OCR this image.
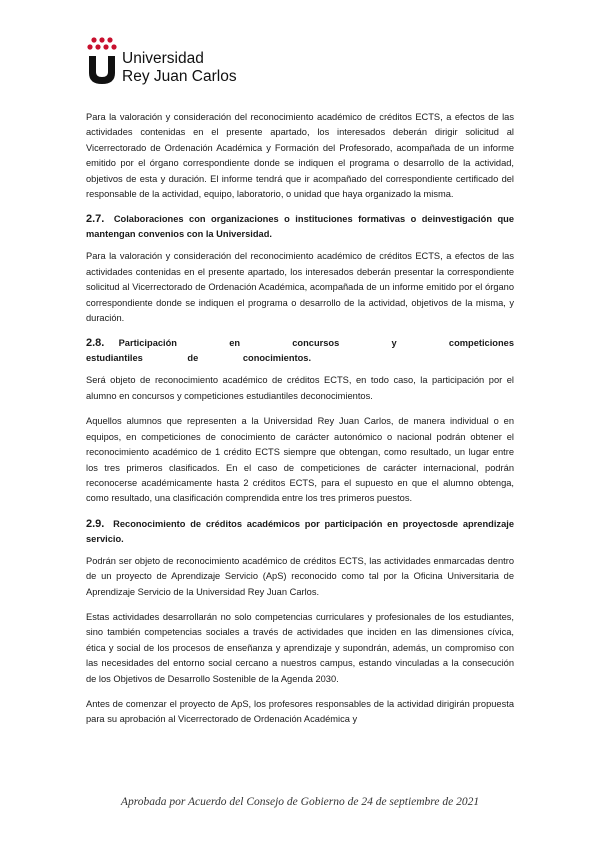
Universidad
Rey Juan Carlos

Para la valoración y consideración del reconocimiento académico de créditos ECTS, a efectos de las actividades contenidas en el presente apartado, los interesados deberán dirigir solicitud al Vicerrectorado de Ordenación Académica y Formación del Profesorado, acompañada de un informe emitido por el órgano correspondiente donde se indiquen el programa o desarrollo de la actividad, objetivos de esta y duración. El informe tendrá que ir acompañado del correspondiente certificado del responsable de la actividad, equipo, laboratorio, o unidad que haya organizado la misma.

2.7. Colaboraciones con organizaciones o instituciones formativas o deinvestigación que mantengan convenios con la Universidad.

Para la valoración y consideración del reconocimiento académico de créditos ECTS, a efectos de las actividades contenidas en el presente apartado, los interesados deberán presentar la correspondiente solicitud al Vicerrectorado de Ordenación Académica, acompañada de un informe emitido por el órgano correspondiente donde se indiquen el programa o desarrollo de la actividad, objetivos de la misma, y duración.

2.8. Participación en concursos y competiciones estudiantiles de conocimientos.

Será objeto de reconocimiento académico de créditos ECTS, en todo caso, la participación por el alumno en concursos y competiciones estudiantiles deconocimientos.

Aquellos alumnos que representen a la Universidad Rey Juan Carlos, de manera individual o en equipos, en competiciones de conocimiento de carácter autonómico o nacional podrán obtener el reconocimiento académico de 1 crédito ECTS siempre que obtengan, como resultado, un lugar entre los tres primeros clasificados. En el caso de competiciones de carácter internacional, podrán reconocerse académicamente hasta 2 créditos ECTS, para el supuesto en que el alumno obtenga, como resultado, una clasificación comprendida entre los tres primeros puestos.

2.9. Reconocimiento de créditos académicos por participación en proyectosde aprendizaje servicio.

Podrán ser objeto de reconocimiento académico de créditos ECTS, las actividades enmarcadas dentro de un proyecto de Aprendizaje Servicio (ApS) reconocido como tal por la Oficina Universitaria de Aprendizaje Servicio de la Universidad Rey Juan Carlos.

Estas actividades desarrollarán no solo competencias curriculares y profesionales de los estudiantes, sino también competencias sociales a través de actividades que inciden en las dimensiones cívica, ética y social de los procesos de enseñanza y aprendizaje y supondrán, además, un compromiso con las necesidades del entorno social cercano a nuestros campus, estando vinculadas a la consecución de los Objetivos de Desarrollo Sostenible de la Agenda 2030.

Antes de comenzar el proyecto de ApS, los profesores responsables de la actividad dirigirán propuesta para su aprobación al Vicerrectorado de Ordenación Académica y

Aprobada por Acuerdo del Consejo de Gobierno de 24 de septiembre de 2021
